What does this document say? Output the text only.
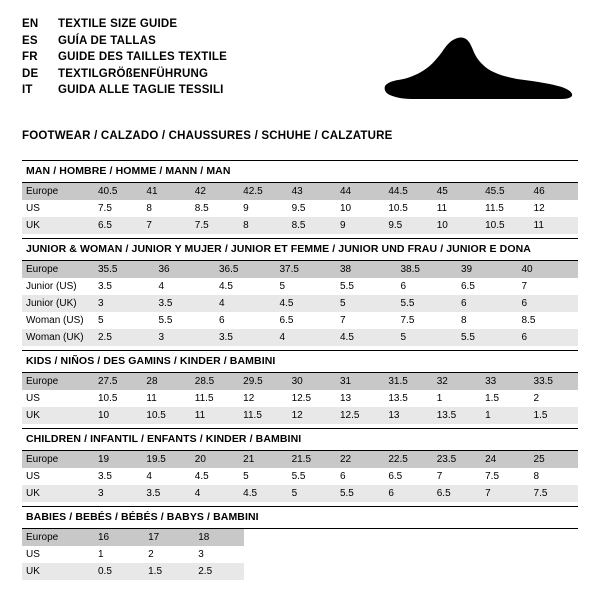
EN	TEXTILE SIZE GUIDE
ES	GUÍA DE TALLAS
FR	GUIDE DES TAILLES TEXTILE
DE	TEXTILGRÖßENFÜHRUNG
IT	GUIDA ALLE TAGLIE TESSILI
FOOTWEAR / CALZADO / CHAUSSURES / SCHUHE / CALZATURE
MAN / HOMBRE / HOMME / MANN / MAN
Europe	40.5	41	42	42.5	43	44	44.5	45	45.5	46
US	7.5	8	8.5	9	9.5	10	10.5	11	11.5	12
UK	6.5	7	7.5	8	8.5	9	9.5	10	10.5	11
JUNIOR & WOMAN / JUNIOR Y MUJER / JUNIOR ET FEMME / JUNIOR UND FRAU / JUNIOR E DONA
Europe	35.5	36	36.5	37.5	38	38.5	39	40
Junior (US)	3.5	4	4.5	5	5.5	6	6.5	7
Junior (UK)	3	3.5	4	4.5	5	5.5	6	6
Woman (US)	5	5.5	6	6.5	7	7.5	8	8.5
Woman (UK)	2.5	3	3.5	4	4.5	5	5.5	6
KIDS / NIÑOS / DES GAMINS / KINDER / BAMBINI
Europe	27.5	28	28.5	29.5	30	31	31.5	32	33	33.5
US	10.5	11	11.5	12	12.5	13	13.5	1	1.5	2
UK	10	10.5	11	11.5	12	12.5	13	13.5	1	1.5
CHILDREN / INFANTIL / ENFANTS / KINDER / BAMBINI
Europe	19	19.5	20	21	21.5	22	22.5	23.5	24	25
US	3.5	4	4.5	5	5.5	6	6.5	7	7.5	8
UK	3	3.5	4	4.5	5	5.5	6	6.5	7	7.5
BABIES / BEBÉS / BÉBÉS / BABYS / BAMBINI
Europe	16	17	18
US	1	2	3
UK	0.5	1.5	2.5
